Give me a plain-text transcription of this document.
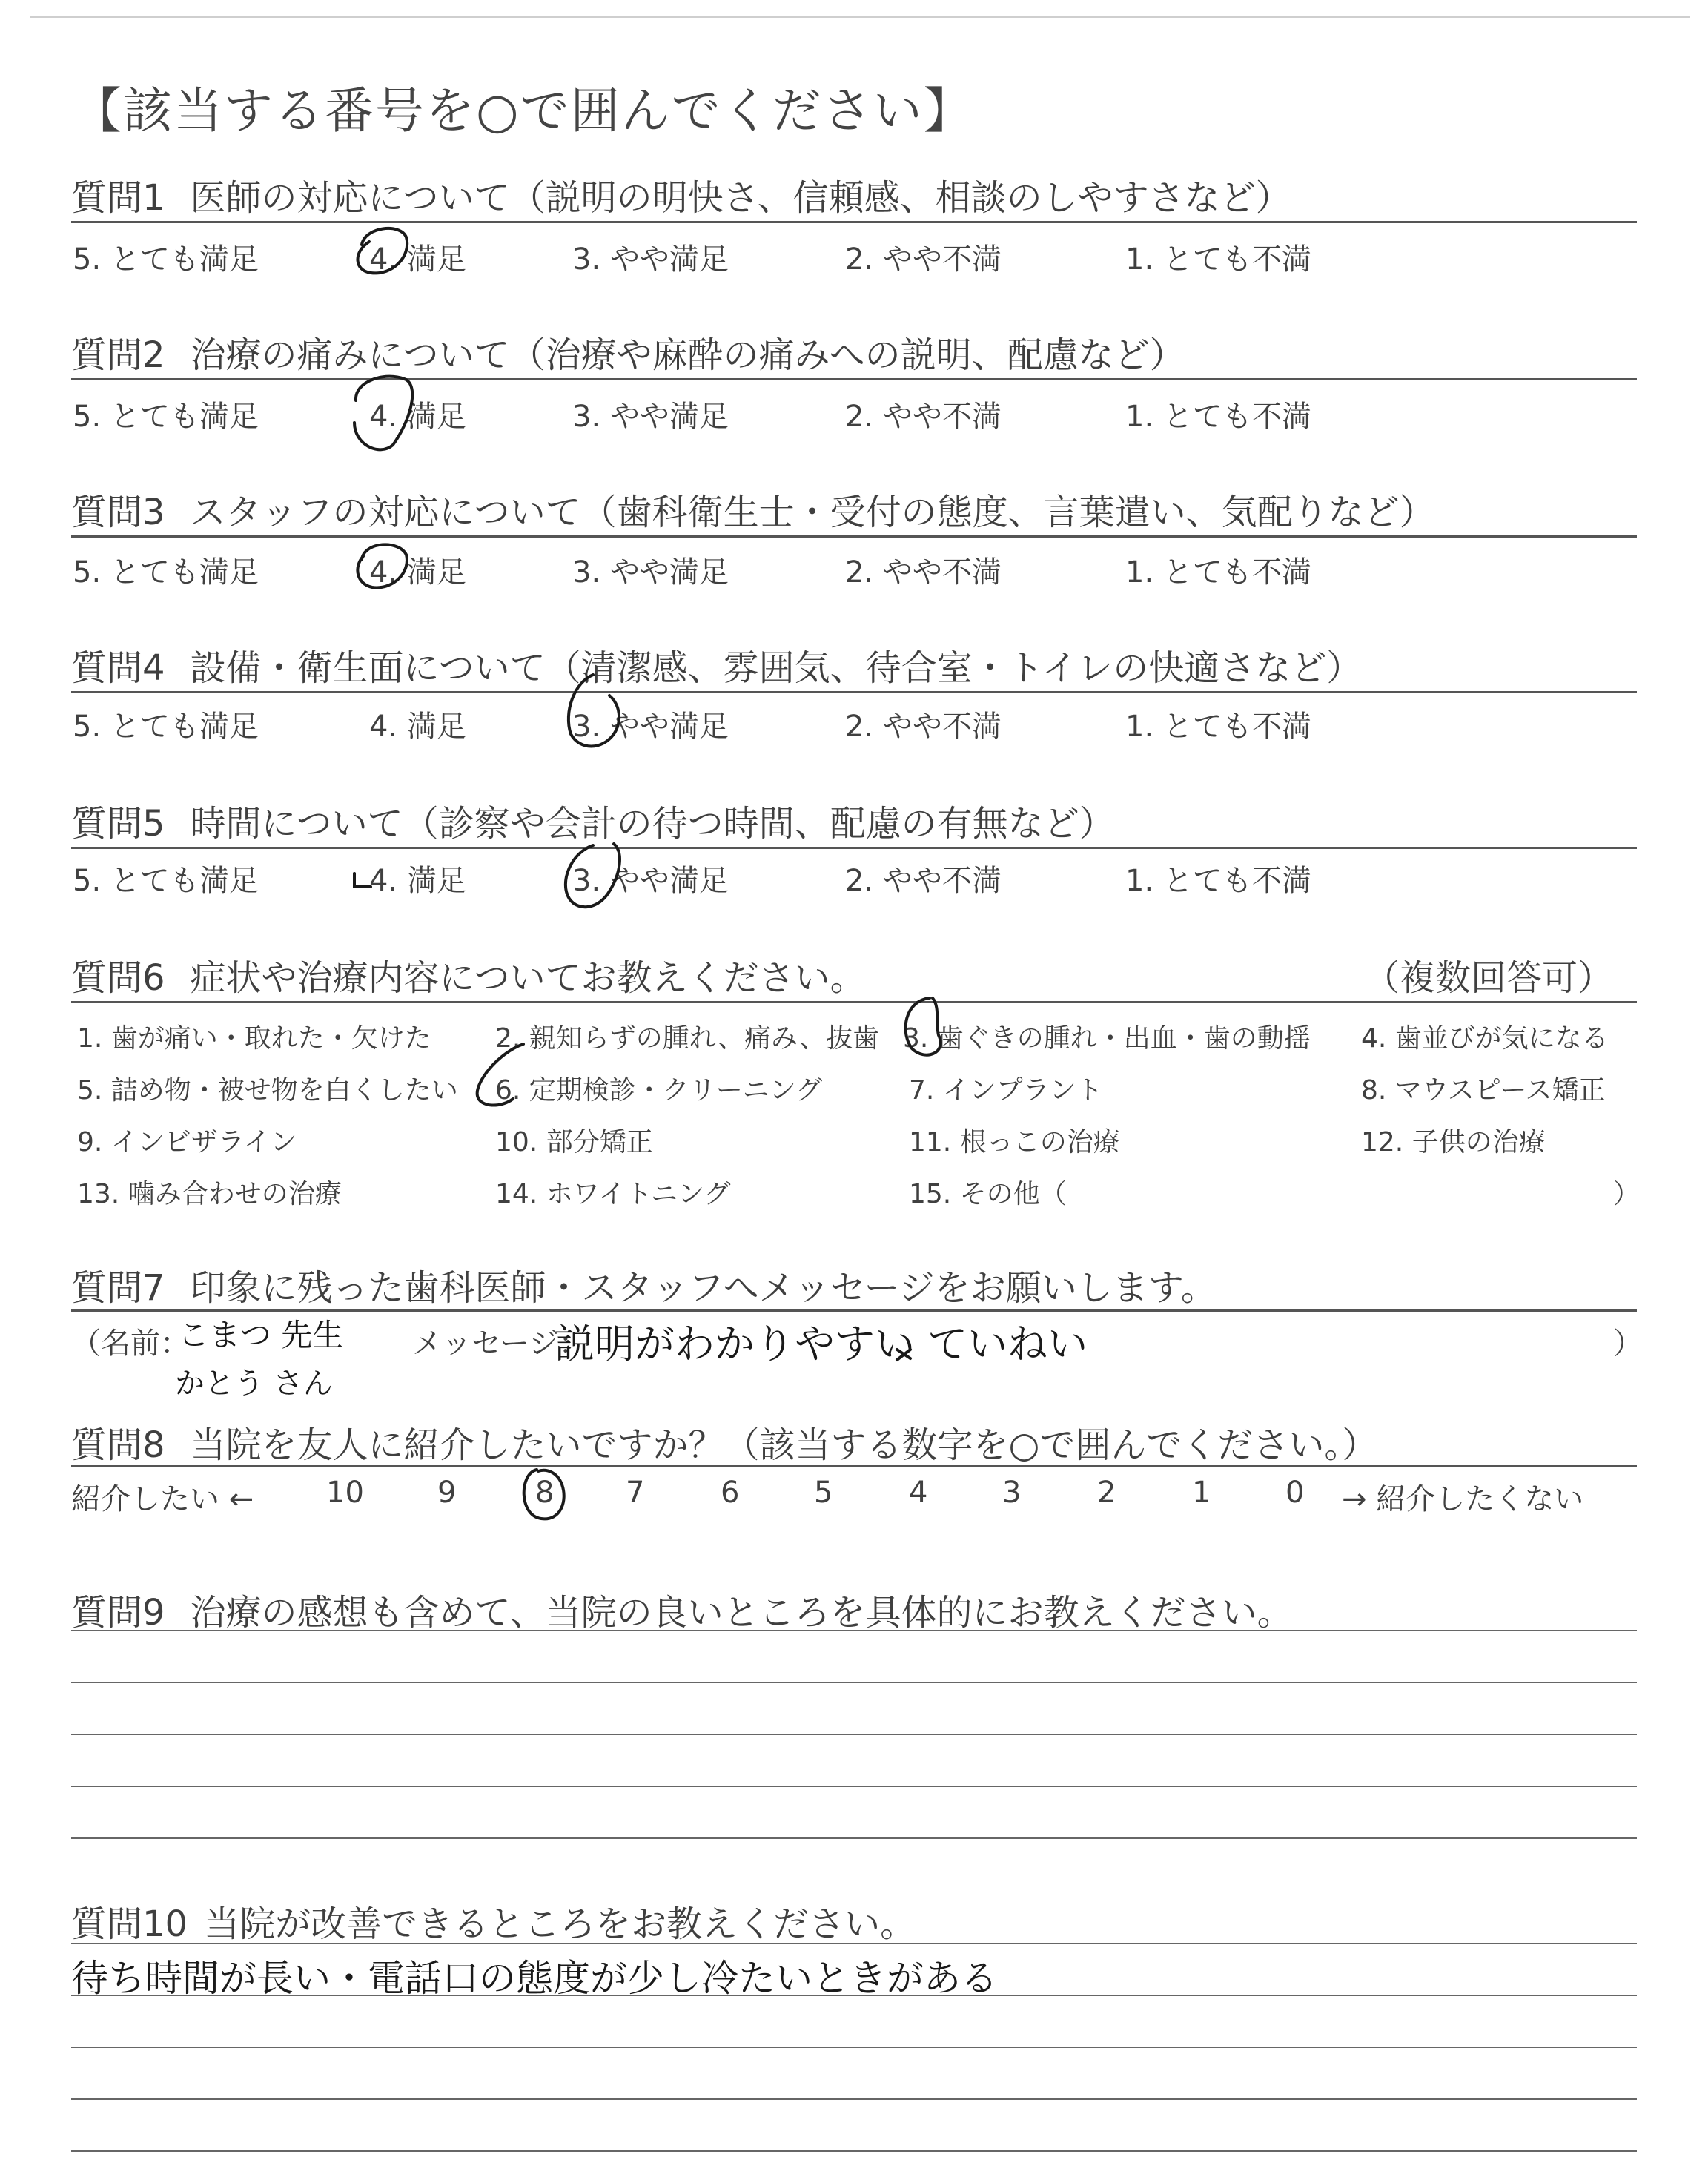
【該当する番号を○で囲んでください】
質問1 医師の対応について（説明の明快さ、信頼感、相談のしやすさなど）
5. とても満足	4. 満足	3. やや満足	2. やや不満	1. とても不満
質問2 治療の痛みについて（治療や麻酔の痛みへの説明、配慮など）
5. とても満足	4. 満足	3. やや満足	2. やや不満	1. とても不満
質問3 スタッフの対応について（歯科衛生士・受付の態度、言葉遣い、気配りなど）
5. とても満足	4. 満足	3. やや満足	2. やや不満	1. とても不満
質問4 設備・衛生面について（清潔感、雰囲気、待合室・トイレの快適さなど）
5. とても満足	4. 満足	3. やや満足	2. やや不満	1. とても不満
質問5 時間について（診察や会計の待つ時間、配慮の有無など）
5. とても満足	4. 満足	3. やや満足	2. やや不満	1. とても不満
質問6 症状や治療内容についてお教えください。	（複数回答可）
1. 歯が痛い・取れた・欠けた 2. 親知らずの腫れ、痛み、抜歯 3. 歯ぐきの腫れ・出血・歯の動揺 4. 歯並びが気になる
5. 詰め物・被せ物を白くしたい 6. 定期検診・クリーニング	7. インプラント	8. マウスピース矯正
9. インビザライン	10. 部分矯正	11. 根っこの治療	12. 子供の治療
13. 噛み合わせの治療	14. ホワイトニング	15. その他（	）
質問7 印象に残った歯科医師・スタッフへメッセージをお願いします。
（名前：
こまつ 先生
かとう さん
メッセージ：
説明がわかりやすい ていねい	）
質問8 当院を友人に紹介したいですか？（該当する数字を○で囲んでください。）
紹介したい ← 10 9	8 7	6	5	4	3	2	1	0 → 紹介したくない
質問9 治療の感想も含めて、当院の良いところを具体的にお教えください。
質問10 当院が改善できるところをお教えください。
待ち時間が長い・電話口の態度が少し冷たいときがある
